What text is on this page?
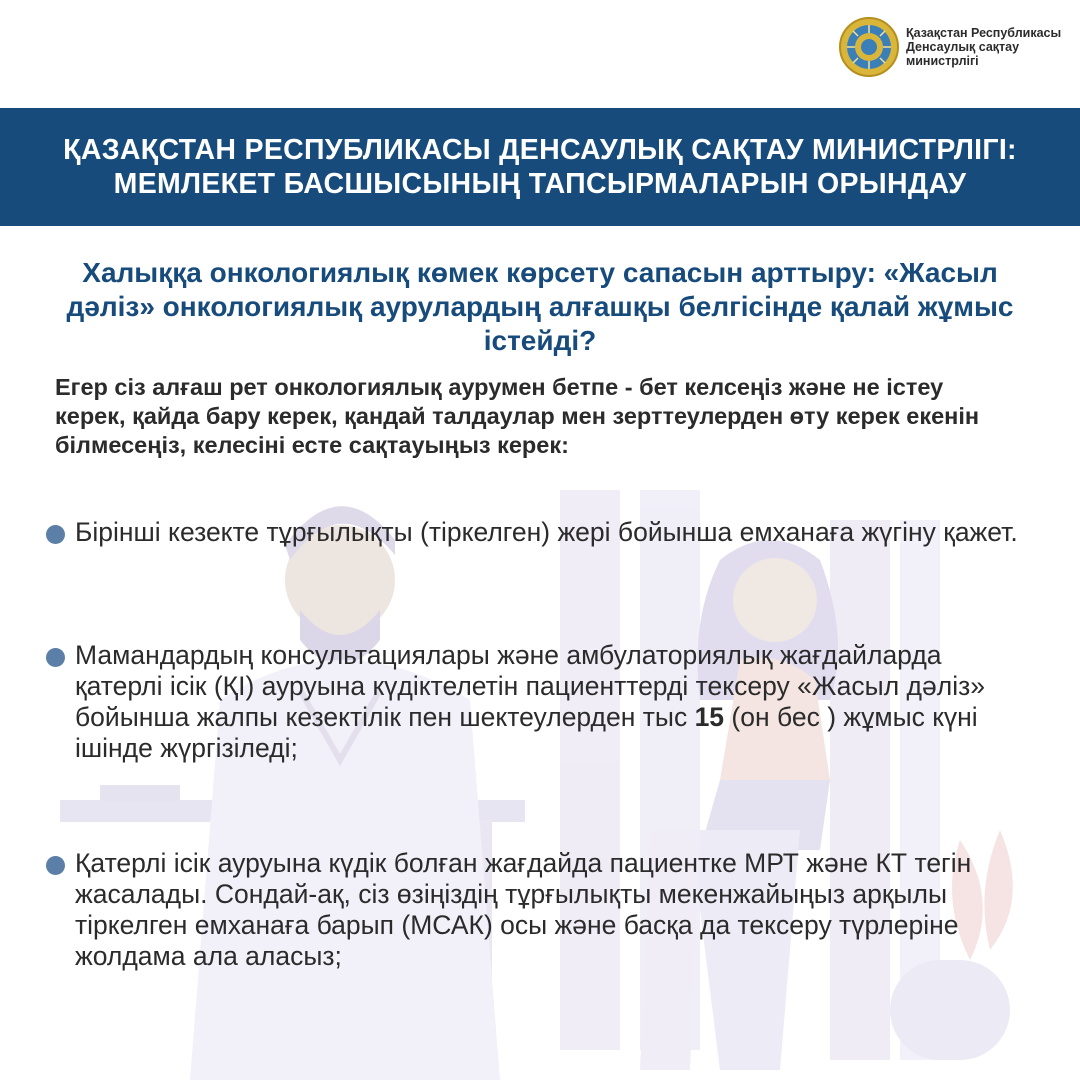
Қазақстан Республикасы
Денсаулық сақтау
министрлігі
ҚАЗАҚСТАН РЕСПУБЛИКАСЫ ДЕНСАУЛЫҚ САҚТАУ МИНИСТРЛІГІ: МЕМЛЕКЕТ БАСШЫСЫНЫҢ ТАПСЫРМАЛАРЫН ОРЫНДАУ
Халыққа онкологиялық көмек көрсету сапасын арттыру: «Жасыл дәліз» онкологиялық аурулардың алғашқы белгісінде қалай жұмыс істейді?

Егер сіз алғаш рет онкологиялық аурумен бетпе - бет келсеңіз және не істеу керек, қайда бару керек, қандай талдаулар мен зерттеулерден өту керек екенін білмесеңіз, келесіні есте сақтауыңыз керек:

Бірінші кезекте тұрғылықты (тіркелген) жері бойынша емханаға жүгіну қажет.
Мамандардың консультациялары және амбулаториялық жағдайларда қатерлі ісік (ҚІ) ауруына күдіктелетін пациенттерді тексеру «Жасыл дәліз» бойынша жалпы кезектілік пен шектеулерден тыс 15 (он бес ) жұмыс күні ішінде жүргізіледі;
Қатерлі ісік ауруына күдік болған жағдайда пациентке МРТ және КТ тегін жасалады. Сондай-ақ, сіз өзіңіздің тұрғылықты мекенжайыңыз арқылы тіркелген емханаға барып (МСАК) осы және басқа да тексеру түрлеріне жолдама ала аласыз;
